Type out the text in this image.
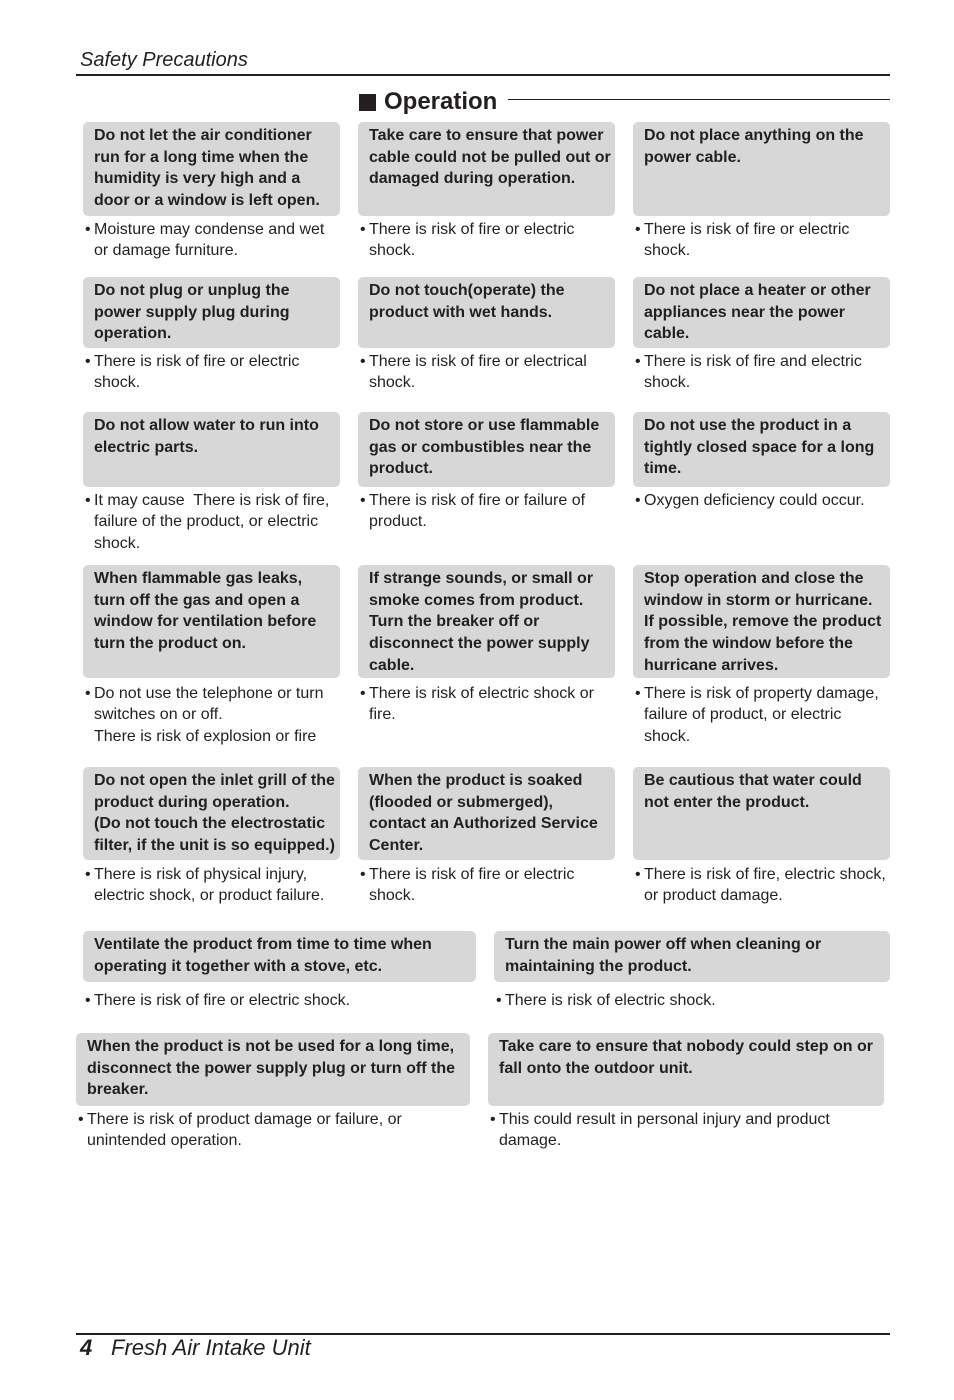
Safety Precautions
Operation
Do not let the air conditioner
run for a long time when the
humidity is very high and a
door or a window is left open.
• Moisture may condense and wet
or damage furniture.
Take care to ensure that power
cable could not be pulled out or
damaged during operation.
• There is risk of fire or electric
shock.
Do not place anything on the
power cable.
• There is risk of fire or electric
shock.
Do not plug or unplug the
power supply plug during
operation.
• There is risk of fire or electric
shock.
Do not touch(operate) the
product with wet hands.
• There is risk of fire or electrical
shock.
Do not place a heater or other
appliances near the power
cable.
• There is risk of fire and electric
shock.
Do not allow water to run into
electric parts.
• It may cause  There is risk of fire,
failure of the product, or electric
shock.
Do not store or use flammable
gas or combustibles near the
product.
• There is risk of fire or failure of
product.
Do not use the product in a
tightly closed space for a long
time.
• Oxygen deficiency could occur.
When flammable gas leaks,
turn off the gas and open a
window for ventilation before
turn the product on.
• Do not use the telephone or turn
switches on or off.
There is risk of explosion or fire
If strange sounds, or small or
smoke comes from product.
Turn the breaker off or
disconnect the power supply
cable.
• There is risk of electric shock or
fire.
Stop operation and close the
window in storm or hurricane.
If possible, remove the product
from the window before the
hurricane arrives.
• There is risk of property damage,
failure of product, or electric
shock.
Do not open the inlet grill of the
product during operation.
(Do not touch the electrostatic
filter, if the unit is so equipped.)
• There is risk of physical injury,
electric shock, or product failure.
When the product is soaked
(flooded or submerged),
contact an Authorized Service
Center.
• There is risk of fire or electric
shock.
Be cautious that water could
not enter the product.
• There is risk of fire, electric shock,
or product damage.
Ventilate the product from time to time when
operating it together with a stove, etc.
• There is risk of fire or electric shock.
Turn the main power off when cleaning or
maintaining the product.
• There is risk of electric shock.
When the product is not be used for a long time,
disconnect the power supply plug or turn off the
breaker.
• There is risk of product damage or failure, or
unintended operation.
Take care to ensure that nobody could step on or
fall onto the outdoor unit.
• This could result in personal injury and product
damage.
4 Fresh Air Intake Unit
